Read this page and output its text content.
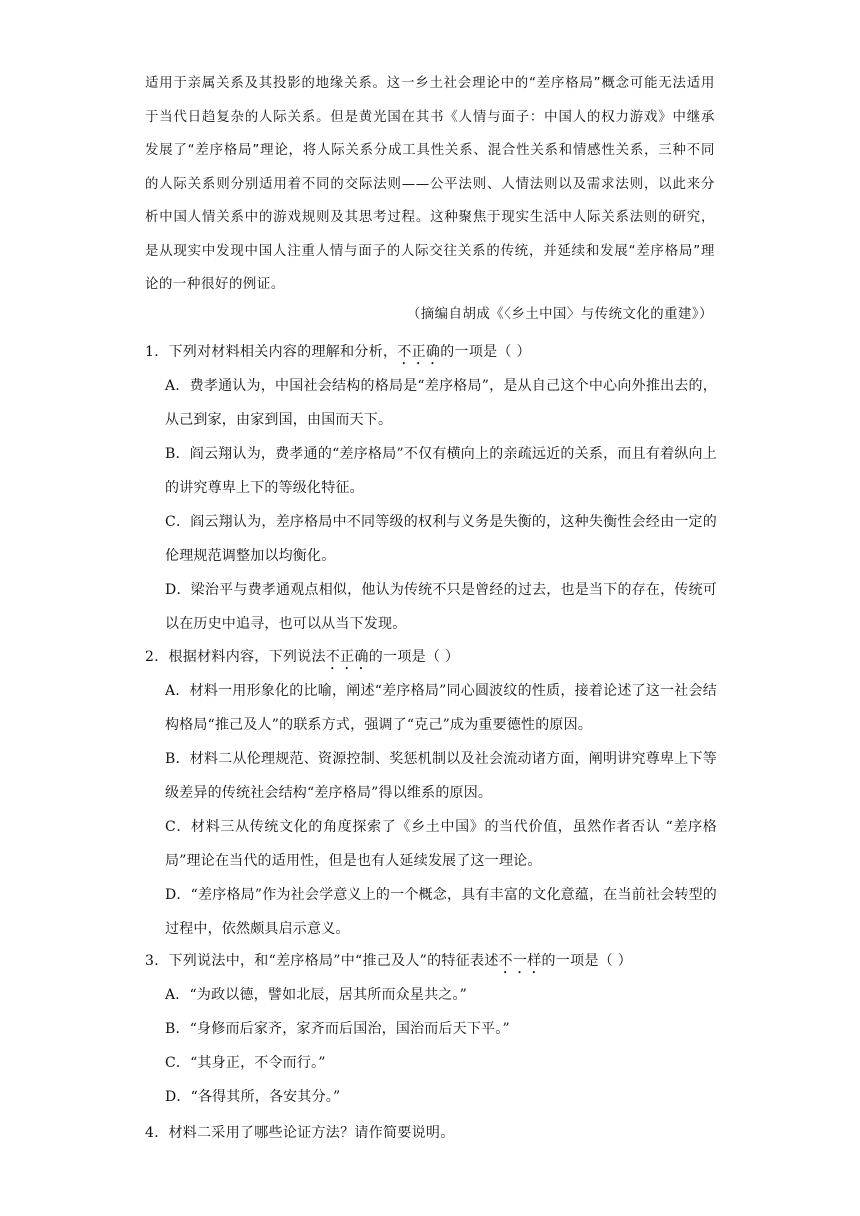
适用于亲属关系及其投影的地缘关系。这一乡土社会理论中的“差序格局”概念可能无法适用于当代日趋复杂的人际关系。但是黄光国在其书《人情与面子：中国人的权力游戏》中继承发展了“差序格局”理论，将人际关系分成工具性关系、混合性关系和情感性关系，三种不同的人际关系则分别适用着不同的交际法则——公平法则、人情法则以及需求法则，以此来分析中国人情关系中的游戏规则及其思考过程。这种聚焦于现实生活中人际关系法则的研究，是从现实中发现中国人注重人情与面子的人际交往关系的传统，并延续和发展“差序格局”理论的一种很好的例证。

（摘编自胡成《〈乡土中国〉与传统文化的重建》）
1．下列对材料相关内容的理解和分析，不正确的一项是（ ）
A．费孝通认为，中国社会结构的格局是“差序格局”，是从自己这个中心向外推出去的，从己到家，由家到国，由国而天下。
B．阎云翔认为，费孝通的“差序格局”不仅有横向上的亲疏远近的关系，而且有着纵向上的讲究尊卑上下的等级化特征。
C．阎云翔认为，差序格局中不同等级的权利与义务是失衡的，这种失衡性会经由一定的伦理规范调整加以均衡化。
D．梁治平与费孝通观点相似，他认为传统不只是曾经的过去，也是当下的存在，传统可以在历史中追寻，也可以从当下发现。
2．根据材料内容，下列说法不正确的一项是（ ）
A．材料一用形象化的比喻，阐述“差序格局”同心圆波纹的性质，接着论述了这一社会结构格局“推己及人”的联系方式，强调了“克己”成为重要德性的原因。
B．材料二从伦理规范、资源控制、奖惩机制以及社会流动诸方面，阐明讲究尊卑上下等级差异的传统社会结构“差序格局”得以维系的原因。
C．材料三从传统文化的角度探索了《乡土中国》的当代价值，虽然作者否认 “差序格局”理论在当代的适用性，但是也有人延续发展了这一理论。
D．“差序格局”作为社会学意义上的一个概念，具有丰富的文化意蕴，在当前社会转型的过程中，依然颇具启示意义。
3．下列说法中，和“差序格局”中“推己及人”的特征表述不一样的一项是（ ）
A．“为政以德，譬如北辰，居其所而众星共之。”
B．“身修而后家齐，家齐而后国治，国治而后天下平。”
C．“其身正，不令而行。”
D．“各得其所，各安其分。”
4．材料二采用了哪些论证方法？请作简要说明。
